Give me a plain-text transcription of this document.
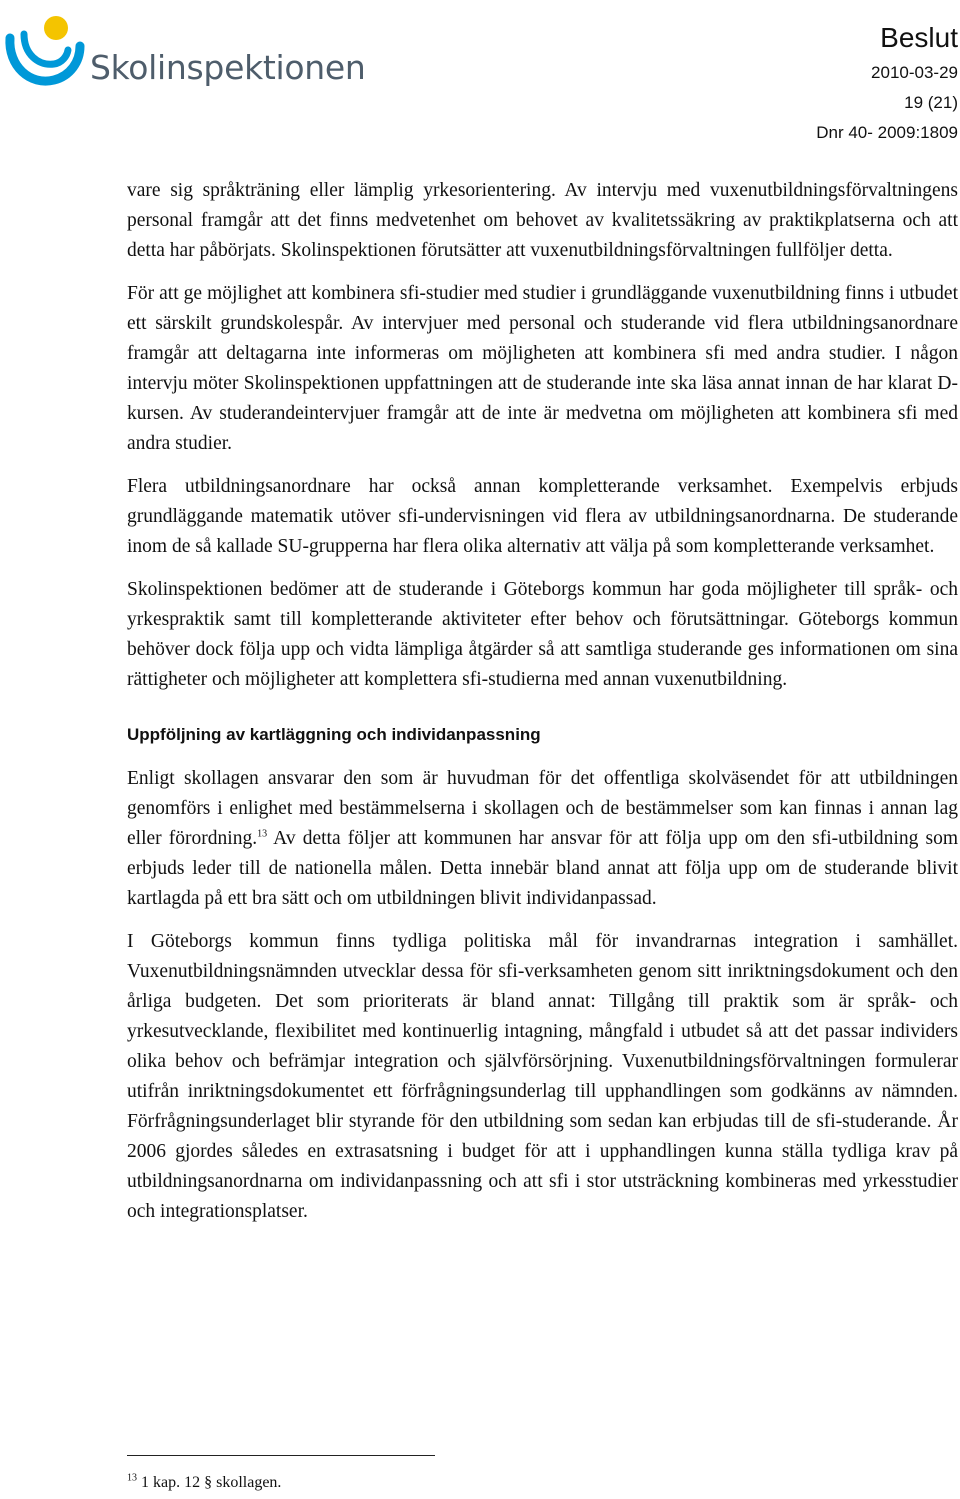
Skolinspektionen
Beslut
2010-03-29
19 (21)
Dnr 40- 2009:1809

vare sig språkträning eller lämplig yrkesorientering. Av intervju med vuxenutbildningsförvaltningens personal framgår att det finns medvetenhet om behovet av kvalitetssäkring av praktikplatserna och att detta har påbörjats. Skolinspektionen förutsätter att vuxenutbildningsförvaltningen fullföljer detta.

För att ge möjlighet att kombinera sfi-studier med studier i grundläggande vuxenutbildning finns i utbudet ett särskilt grundskolespår. Av intervjuer med personal och studerande vid flera utbildningsanordnare framgår att deltagarna inte informeras om möjligheten att kombinera sfi med andra studier. I någon intervju möter Skolinspektionen uppfattningen att de studerande inte ska läsa annat innan de har klarat D-kursen. Av studerandeintervjuer framgår att de inte är medvetna om möjligheten att kombinera sfi med andra studier.

Flera utbildningsanordnare har också annan kompletterande verksamhet. Exempelvis erbjuds grundläggande matematik utöver sfi-undervisningen vid flera av utbildningsanordnarna. De studerande inom de så kallade SU-grupperna har flera olika alternativ att välja på som kompletterande verksamhet.

Skolinspektionen bedömer att de studerande i Göteborgs kommun har goda möjligheter till språk- och yrkespraktik samt till kompletterande aktiviteter efter behov och förutsättningar. Göteborgs kommun behöver dock följa upp och vidta lämpliga åtgärder så att samtliga studerande ges informationen om sina rättigheter och möjligheter att komplettera sfi-studierna med annan vuxenutbildning.

Uppföljning av kartläggning och individanpassning

Enligt skollagen ansvarar den som är huvudman för det offentliga skolväsendet för att utbildningen genomförs i enlighet med bestämmelserna i skollagen och de bestämmelser som kan finnas i annan lag eller förordning.$^{13}$ Av detta följer att kommunen har ansvar för att följa upp om den sfi-utbildning som erbjuds leder till de nationella målen. Detta innebär bland annat att följa upp om de studerande blivit kartlagda på ett bra sätt och om utbildningen blivit individanpassad.

I Göteborgs kommun finns tydliga politiska mål för invandrarnas integration i samhället. Vuxenutbildningsnämnden utvecklar dessa för sfi-verksamheten genom sitt inriktningsdokument och den årliga budgeten. Det som prioriterats är bland annat: Tillgång till praktik som är språk- och yrkesutvecklande, flexibilitet med kontinuerlig intagning, mångfald i utbudet så att det passar individers olika behov och befrämjar integration och självförsörjning. Vuxenutbildningsförvaltningen formulerar utifrån inriktningsdokumentet ett förfrågningsunderlag till upphandlingen som godkänns av nämnden. Förfrågningsunderlaget blir styrande för den utbildning som sedan kan erbjudas till de sfi-studerande. År 2006 gjordes således en extrasatsning i budget för att i upphandlingen kunna ställa tydliga krav på utbildningsanordnarna om individanpassning och att sfi i stor utsträckning kombineras med yrkesstudier och integrationsplatser.

$^{13}$ 1 kap. 12 § skollagen.
